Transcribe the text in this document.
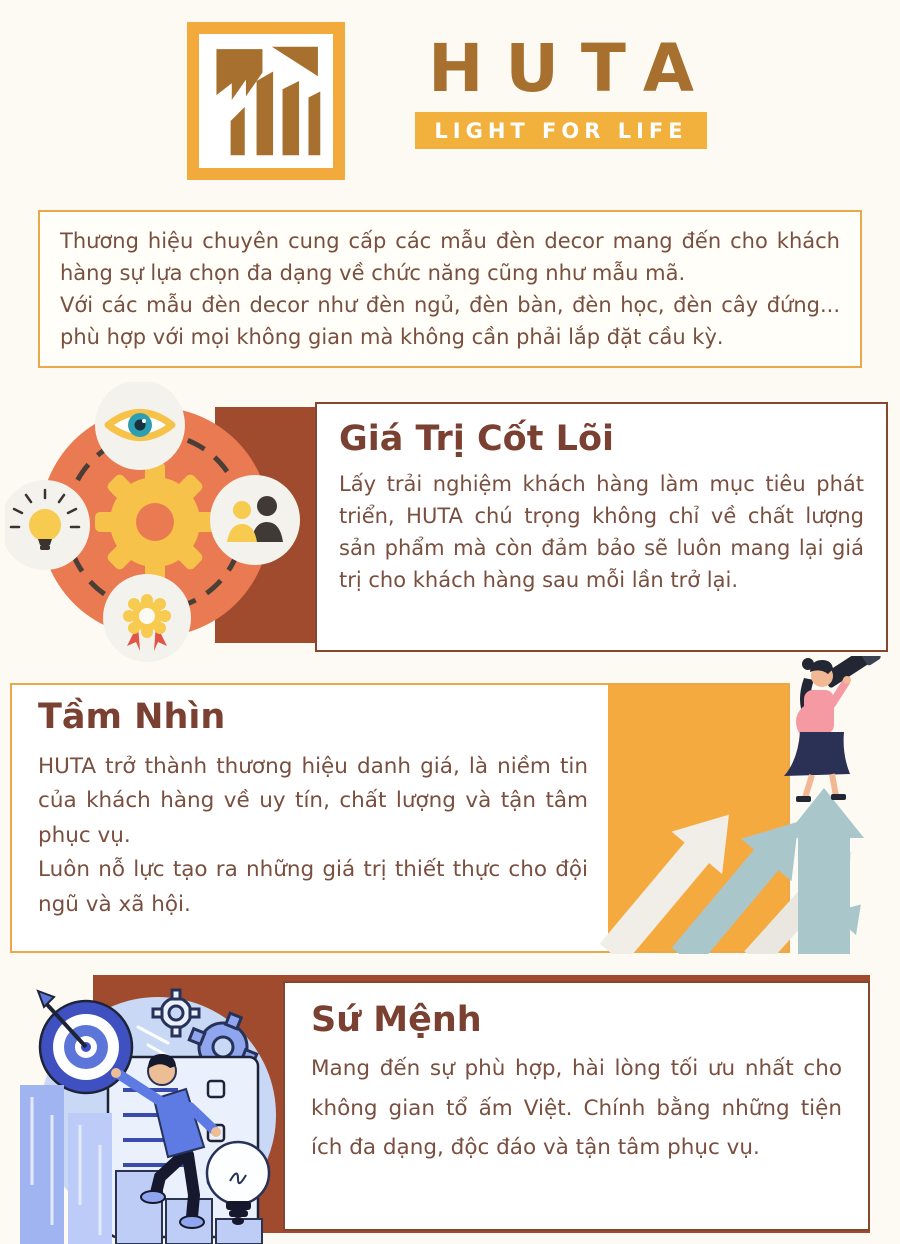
HUTA
LIGHT FOR LIFE

Thương hiệu chuyên cung cấp các mẫu đèn decor mang đến cho khách hàng sự lựa chọn đa dạng về chức năng cũng như mẫu mã.

Với các mẫu đèn decor như đèn ngủ, đèn bàn, đèn học, đèn cây đứng... phù hợp với mọi không gian mà không cần phải lắp đặt cầu kỳ.

Giá Trị Cốt Lõi

Lấy trải nghiệm khách hàng làm mục tiêu phát triển, HUTA chú trọng không chỉ về chất lượng sản phẩm mà còn đảm bảo sẽ luôn mang lại giá trị cho khách hàng sau mỗi lần trở lại.

Tầm Nhìn

HUTA trở thành thương hiệu danh giá, là niềm tin của khách hàng về uy tín, chất lượng và tận tâm phục vụ.

Luôn nỗ lực tạo ra những giá trị thiết thực cho đội ngũ và xã hội.

Sứ Mệnh

Mang đến sự phù hợp, hài lòng tối ưu nhất cho không gian tổ ấm Việt. Chính bằng những tiện ích đa dạng, độc đáo và tận tâm phục vụ.
